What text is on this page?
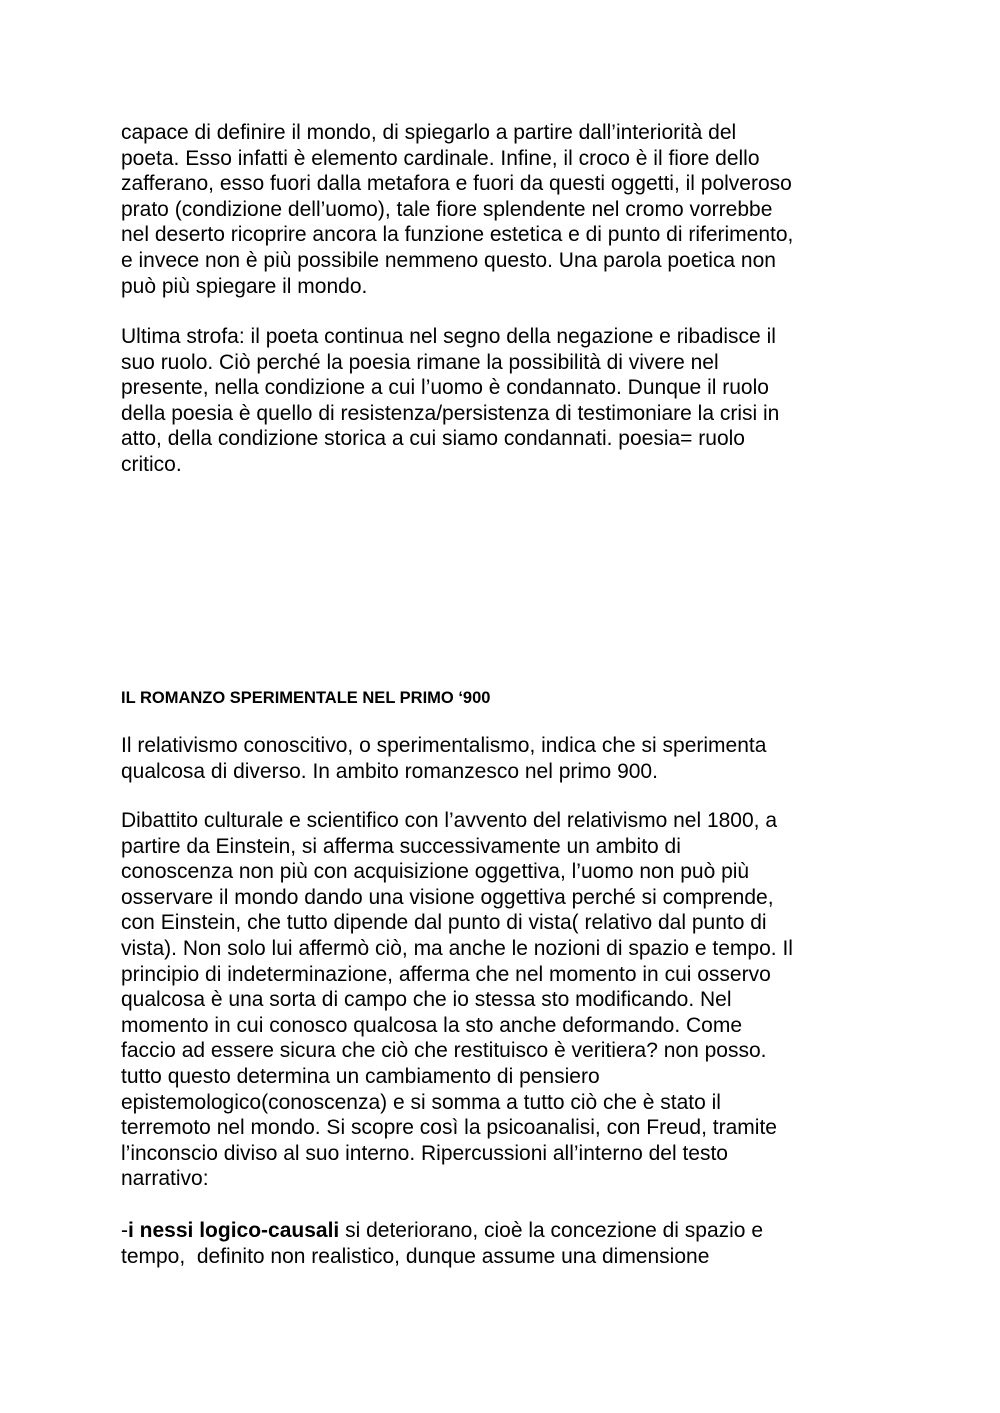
capace di definire il mondo, di spiegarlo a partire dall’interiorità del
poeta. Esso infatti è elemento cardinale. Infine, il croco è il fiore dello
zafferano, esso fuori dalla metafora e fuori da questi oggetti, il polveroso
prato (condizione dell’uomo), tale fiore splendente nel cromo vorrebbe
nel deserto ricoprire ancora la funzione estetica e di punto di riferimento,
e invece non è più possibile nemmeno questo. Una parola poetica non
può più spiegare il mondo.

Ultima strofa: il poeta continua nel segno della negazione e ribadisce il
suo ruolo. Ciò perché la poesia rimane la possibilità di vivere nel
presente, nella condizione a cui l’uomo è condannato. Dunque il ruolo
della poesia è quello di resistenza/persistenza di testimoniare la crisi in
atto, della condizione storica a cui siamo condannati. poesia= ruolo
critico.

IL ROMANZO SPERIMENTALE NEL PRIMO ‘900

Il relativismo conoscitivo, o sperimentalismo, indica che si sperimenta
qualcosa di diverso. In ambito romanzesco nel primo 900.

Dibattito culturale e scientifico con l’avvento del relativismo nel 1800, a
partire da Einstein, si afferma successivamente un ambito di
conoscenza non più con acquisizione oggettiva, l’uomo non può più
osservare il mondo dando una visione oggettiva perché si comprende,
con Einstein, che tutto dipende dal punto di vista( relativo dal punto di
vista). Non solo lui affermò ciò, ma anche le nozioni di spazio e tempo. Il
principio di indeterminazione, afferma che nel momento in cui osservo
qualcosa è una sorta di campo che io stessa sto modificando. Nel
momento in cui conosco qualcosa la sto anche deformando. Come
faccio ad essere sicura che ciò che restituisco è veritiera? non posso.
tutto questo determina un cambiamento di pensiero
epistemologico(conoscenza) e si somma a tutto ciò che è stato il
terremoto nel mondo. Si scopre così la psicoanalisi, con Freud, tramite
l’inconscio diviso al suo interno. Ripercussioni all’interno del testo
narrativo:

-i nessi logico-causali si deteriorano, cioè la concezione di spazio e
tempo,  definito non realistico, dunque assume una dimensione
